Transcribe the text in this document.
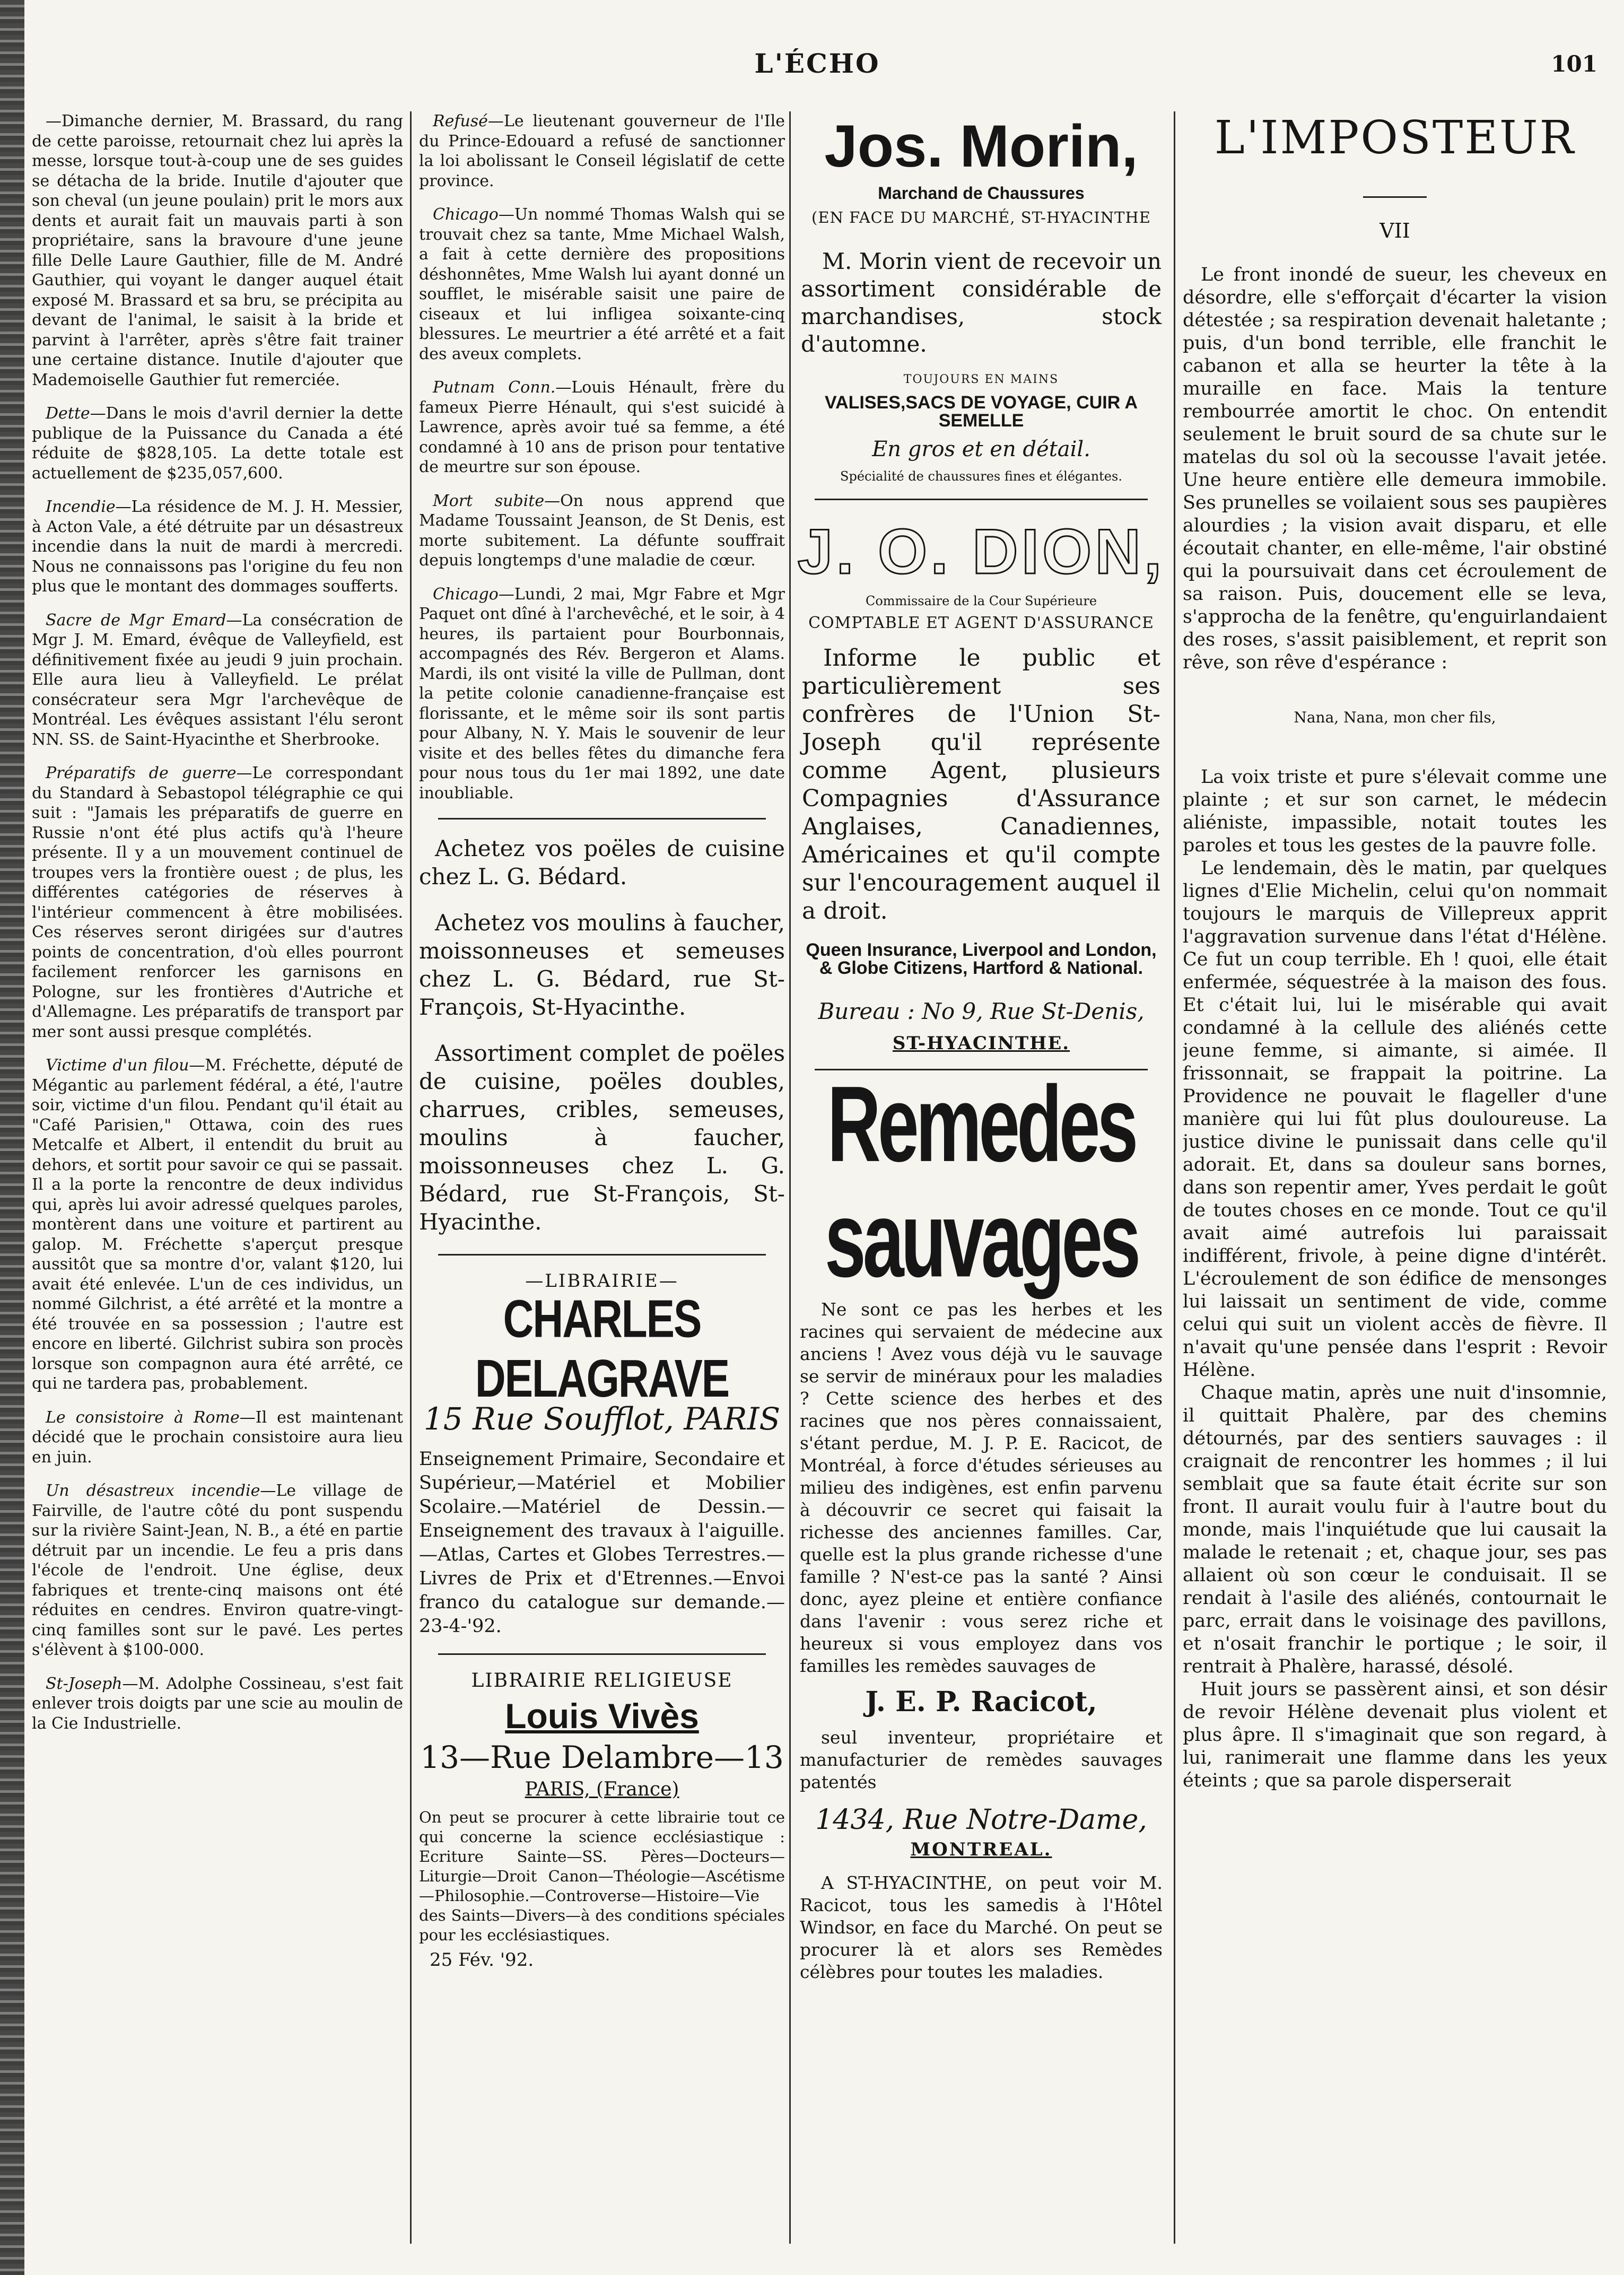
L'ÉCHO	101

—Dimanche dernier, M. Brassard, du rang de cette paroisse, retournait chez lui après la messe, lorsque tout-à-coup une de ses guides se détacha de la bride. Inutile d'ajouter que son cheval (un jeune poulain) prit le mors aux dents et aurait fait un mauvais parti à son propriétaire, sans la bravoure d'une jeune fille Delle Laure Gauthier, fille de M. André Gauthier, qui voyant le danger auquel était exposé M. Brassard et sa bru, se précipita au devant de l'animal, le saisit à la bride et parvint à l'arrêter, après s'être fait trainer une certaine distance. Inutile d'ajouter que Mademoiselle Gauthier fut remerciée.

Dette—Dans le mois d'avril dernier la dette publique de la Puissance du Canada a été réduite de $828,105. La dette totale est actuellement de $235,057,600.

Incendie—La résidence de M. J. H. Messier, à Acton Vale, a été détruite par un désastreux incendie dans la nuit de mardi à mercredi. Nous ne connaissons pas l'origine du feu non plus que le montant des dommages soufferts.

Sacre de Mgr Emard—La consécration de Mgr J. M. Emard, évêque de Valleyfield, est définitivement fixée au jeudi 9 juin prochain. Elle aura lieu à Valleyfield. Le prélat consécrateur sera Mgr l'archevêque de Montréal. Les évêques assistant l'élu seront NN. SS. de Saint-Hyacinthe et Sherbrooke.

Préparatifs de guerre—Le correspondant du Standard à Sebastopol télégraphie ce qui suit : "Jamais les préparatifs de guerre en Russie n'ont été plus actifs qu'à l'heure présente. Il y a un mouvement continuel de troupes vers la frontière ouest ; de plus, les différentes catégories de réserves à l'intérieur commencent à être mobilisées. Ces réserves seront dirigées sur d'autres points de concentration, d'où elles pourront facilement renforcer les garnisons en Pologne, sur les frontières d'Autriche et d'Allemagne. Les préparatifs de transport par mer sont aussi presque complétés.

Victime d'un filou—M. Fréchette, député de Mégantic au parlement fédéral, a été, l'autre soir, victime d'un filou. Pendant qu'il était au "Café Parisien," Ottawa, coin des rues Metcalfe et Albert, il entendit du bruit au dehors, et sortit pour savoir ce qui se passait. Il a la porte la rencontre de deux individus qui, après lui avoir adressé quelques paroles, montèrent dans une voiture et partirent au galop. M. Fréchette s'aperçut presque aussitôt que sa montre d'or, valant $120, lui avait été enlevée. L'un de ces individus, un nommé Gilchrist, a été arrêté et la montre a été trouvée en sa possession ; l'autre est encore en liberté. Gilchrist subira son procès lorsque son compagnon aura été arrêté, ce qui ne tardera pas, probablement.

Le consistoire à Rome—Il est maintenant décidé que le prochain consistoire aura lieu en juin.

Un désastreux incendie—Le village de Fairville, de l'autre côté du pont suspendu sur la rivière Saint-Jean, N. B., a été en partie détruit par un incendie. Le feu a pris dans l'école de l'endroit. Une église, deux fabriques et trente-cinq maisons ont été réduites en cendres. Environ quatre-vingt-cinq familles sont sur le pavé. Les pertes s'élèvent à $100-000.

St-Joseph—M. Adolphe Cossineau, s'est fait enlever trois doigts par une scie au moulin de la Cie Industrielle.

Refusé—Le lieutenant gouverneur de l'Ile du Prince-Edouard a refusé de sanctionner la loi abolissant le Conseil législatif de cette province.

Chicago—Un nommé Thomas Walsh qui se trouvait chez sa tante, Mme Michael Walsh, a fait à cette dernière des propositions déshonnêtes, Mme Walsh lui ayant donné un soufflet, le misérable saisit une paire de ciseaux et lui infligea soixante-cinq blessures. Le meurtrier a été arrêté et a fait des aveux complets.

Putnam Conn.—Louis Hénault, frère du fameux Pierre Hénault, qui s'est suicidé à Lawrence, après avoir tué sa femme, a été condamné à 10 ans de prison pour tentative de meurtre sur son épouse.

Mort subite—On nous apprend que Madame Toussaint Jeanson, de St Denis, est morte subitement. La défunte souffrait depuis longtemps d'une maladie de cœur.

Chicago—Lundi, 2 mai, Mgr Fabre et Mgr Paquet ont dîné à l'archevêché, et le soir, à 4 heures, ils partaient pour Bourbonnais, accompagnés des Rév. Bergeron et Alams. Mardi, ils ont visité la ville de Pullman, dont la petite colonie canadienne-française est florissante, et le même soir ils sont partis pour Albany, N. Y. Mais le souvenir de leur visite et des belles fêtes du dimanche fera pour nous tous du 1er mai 1892, une date inoubliable.

Achetez vos poëles de cuisine chez L. G. Bédard.

Achetez vos moulins à faucher, moissonneuses et semeuses chez L. G. Bédard, rue St-François, St-Hyacinthe.

Assortiment complet de poëles de cuisine, poëles doubles, charrues, cribles, semeuses, moulins à faucher, moissonneuses chez L. G. Bédard, rue St-François, St-Hyacinthe.

—LIBRAIRIE—
CHARLES DELAGRAVE
15 Rue Soufflot, PARIS
Enseignement Primaire, Secondaire et Supérieur,—Matériel et Mobilier Scolaire.—Matériel de Dessin.—Enseignement des travaux à l'aiguille.—Atlas, Cartes et Globes Terrestres.—Livres de Prix et d'Etrennes.—Envoi franco du catalogue sur demande.—23-4-'92.
LIBRAIRIE RELIGIEUSE
Louis Vivès
13—Rue Delambre—13
PARIS, (France)
On peut se procurer à cette librairie tout ce qui concerne la science ecclésiastique : Ecriture Sainte—SS. Pères—Docteurs—Liturgie—Droit Canon—Théologie—Ascétisme—Philosophie.—Controverse—Histoire—Vie des Saints—Divers—à des conditions spéciales pour les ecclésiastiques.
25 Fév. '92.
Jos. Morin,
Marchand de Chaussures
(EN FACE DU MARCHÉ, ST-HYACINTHE
M. Morin vient de recevoir un assortiment considérable de marchandises, stock d'automne.
TOUJOURS EN MAINS
VALISES,SACS DE VOYAGE, CUIR A SEMELLE
En gros et en détail.
Spécialité de chaussures fines et élégantes.
J. O. DION,
Commissaire de la Cour Supérieure
COMPTABLE ET AGENT D'ASSURANCE
Informe le public et particulièrement ses confrères de l'Union St-Joseph qu'il représente comme Agent, plusieurs Compagnies d'Assurance Anglaises, Canadiennes, Américaines et qu'il compte sur l'encouragement auquel il a droit.
Queen Insurance, Liverpool and London, & Globe Citizens, Hartford & National.
Bureau : No 9, Rue St-Denis,
ST-HYACINTHE.
Remedes sauvages
Ne sont ce pas les herbes et les racines qui servaient de médecine aux anciens ! Avez vous déjà vu le sauvage se servir de minéraux pour les maladies ? Cette science des herbes et des racines que nos pères connaissaient, s'étant perdue, M. J. P. E. Racicot, de Montréal, à force d'études sérieuses au milieu des indigènes, est enfin parvenu à découvrir ce secret qui faisait la richesse des anciennes familles. Car, quelle est la plus grande richesse d'une famille ? N'est-ce pas la santé ? Ainsi donc, ayez pleine et entière confiance dans l'avenir : vous serez riche et heureux si vous employez dans vos familles les remèdes sauvages de
J. E. P. Racicot,
seul inventeur, propriétaire et manufacturier de remèdes sauvages patentés
1434, Rue Notre-Dame,
MONTREAL.
A ST-HYACINTHE, on peut voir M. Racicot, tous les samedis à l'Hôtel Windsor, en face du Marché. On peut se procurer là et alors ses Remèdes célèbres pour toutes les maladies.
L'IMPOSTEUR
VII

Le front inondé de sueur, les cheveux en désordre, elle s'efforçait d'écarter la vision détestée ; sa respiration devenait haletante ; puis, d'un bond terrible, elle franchit le cabanon et alla se heurter la tête à la muraille en face. Mais la tenture rembourrée amortit le choc. On entendit seulement le bruit sourd de sa chute sur le matelas du sol où la secousse l'avait jetée. Une heure entière elle demeura immobile. Ses prunelles se voilaient sous ses paupières alourdies ; la vision avait disparu, et elle écoutait chanter, en elle-même, l'air obstiné qui la poursuivait dans cet écroulement de sa raison. Puis, doucement elle se leva, s'approcha de la fenêtre, qu'enguirlandaient des roses, s'assit paisiblement, et reprit son rêve, son rêve d'espérance :

Nana, Nana, mon cher fils,

La voix triste et pure s'élevait comme une plainte ; et sur son carnet, le médecin aliéniste, impassible, notait toutes les paroles et tous les gestes de la pauvre folle.

Le lendemain, dès le matin, par quelques lignes d'Elie Michelin, celui qu'on nommait toujours le marquis de Villepreux apprit l'aggravation survenue dans l'état d'Hélène. Ce fut un coup terrible. Eh ! quoi, elle était enfermée, séquestrée à la maison des fous. Et c'était lui, lui le misérable qui avait condamné à la cellule des aliénés cette jeune femme, si aimante, si aimée. Il frissonnait, se frappait la poitrine. La Providence ne pouvait le flageller d'une manière qui lui fût plus douloureuse. La justice divine le punissait dans celle qu'il adorait. Et, dans sa douleur sans bornes, dans son repentir amer, Yves perdait le goût de toutes choses en ce monde. Tout ce qu'il avait aimé autrefois lui paraissait indifférent, frivole, à peine digne d'intérêt. L'écroulement de son édifice de mensonges lui laissait un sentiment de vide, comme celui qui suit un violent accès de fièvre. Il n'avait qu'une pensée dans l'esprit : Revoir Hélène.

Chaque matin, après une nuit d'insomnie, il quittait Phalère, par des chemins détournés, par des sentiers sauvages : il craignait de rencontrer les hommes ; il lui semblait que sa faute était écrite sur son front. Il aurait voulu fuir à l'autre bout du monde, mais l'inquiétude que lui causait la malade le retenait ; et, chaque jour, ses pas allaient où son cœur le conduisait. Il se rendait à l'asile des aliénés, contournait le parc, errait dans le voisinage des pavillons, et n'osait franchir le portique ; le soir, il rentrait à Phalère, harassé, désolé.

Huit jours se passèrent ainsi, et son désir de revoir Hélène devenait plus violent et plus âpre. Il s'imaginait que son regard, à lui, ranimerait une flamme dans les yeux éteints ; que sa parole disperserait
